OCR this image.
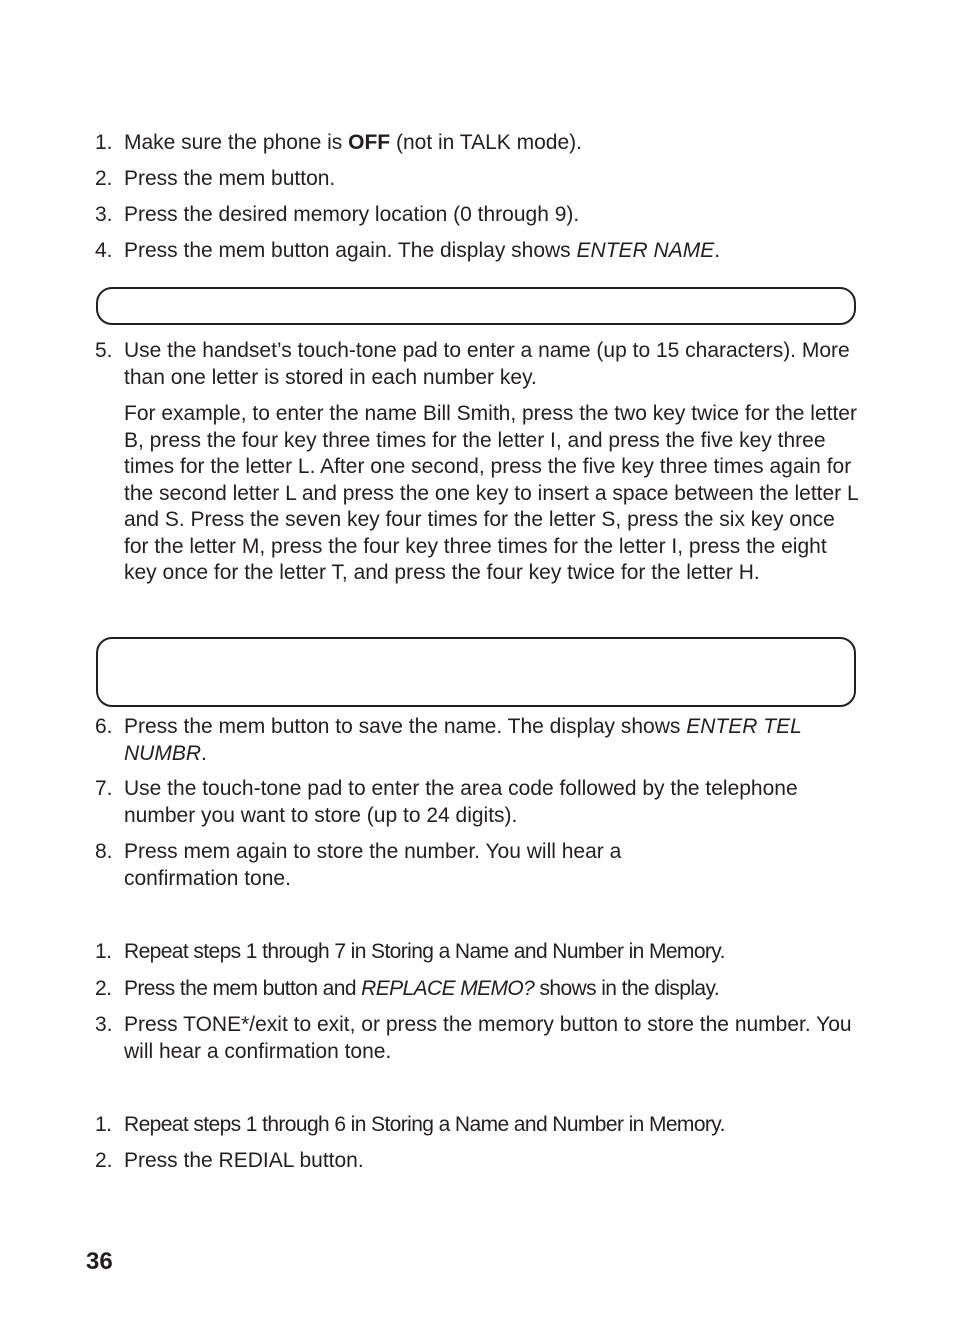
1. Make sure the phone is OFF (not in TALK mode).
2. Press the mem button.
3. Press the desired memory location (0 through 9).
4. Press the mem button again. The display shows ENTER NAME.
5. Use the handset’s touch-tone pad to enter a name (up to 15 characters). More than one letter is stored in each number key.
For example, to enter the name Bill Smith, press the two key twice for the letter B, press the four key three times for the letter I, and press the five key three times for the letter L. After one second, press the five key three times again for the second letter L and press the one key to insert a space between the letter L and S. Press the seven key four times for the letter S, press the six key once for the letter M, press the four key three times for the letter I, press the eight key once for the letter T, and press the four key twice for the letter H.
6. Press the mem button to save the name. The display shows ENTER TEL NUMBR.
7. Use the touch-tone pad to enter the area code followed by the telephone number you want to store (up to 24 digits).
8. Press mem again to store the number. You will hear a confirmation tone.
1. Repeat steps 1 through 7 in Storing a Name and Number in Memory.
2. Press the mem button and REPLACE MEMO? shows in the display.
3. Press TONE*/exit to exit, or press the memory button to store the number. You will hear a confirmation tone.
1. Repeat steps 1 through 6 in Storing a Name and Number in Memory.
2. Press the REDIAL button.
36
